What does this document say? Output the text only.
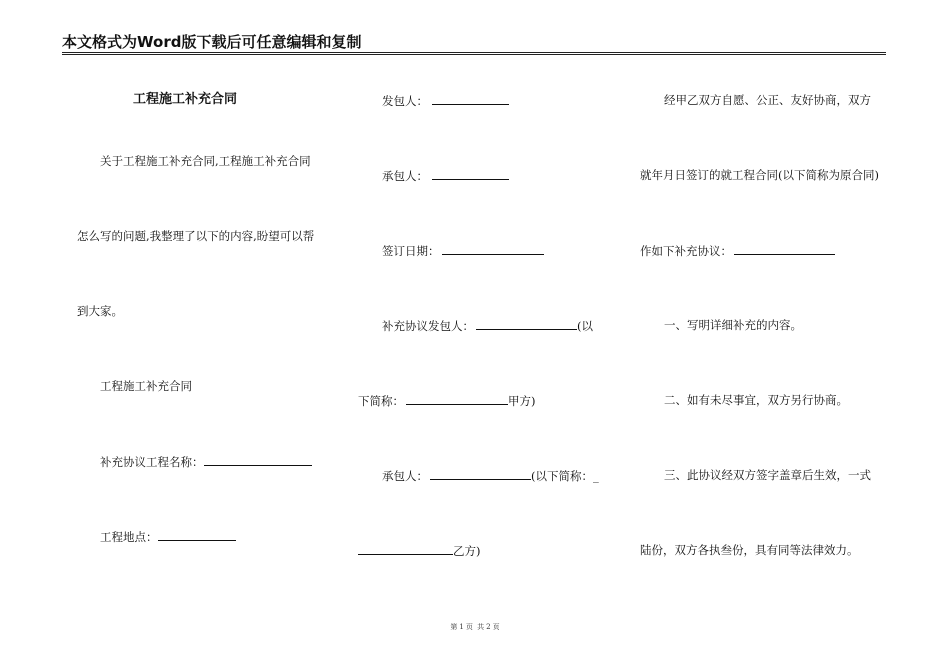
本文格式为Word版下载后可任意编辑和复制
工程施工补充合同
关于工程施工补充合同,工程施工补充合同
怎么写的问题,我整理了以下的内容,盼望可以帮
到大家。
工程施工补充合同
补充协议工程名称：
工程地点：
发包人：
承包人：
签订日期：
补充协议发包人：	(以
下简称：	甲方)
承包人：	(以下简称：_
乙方)
经甲乙双方自愿、公正、友好协商，双方
就年月日签订的就工程合同(以下简称为原合同)
作如下补充协议：
一、写明详细补充的内容。
二、如有未尽事宜，双方另行协商。
三、此协议经双方签字盖章后生效，一式
陆份，双方各执叁份，具有同等法律效力。
第 1 页 共 2 页
